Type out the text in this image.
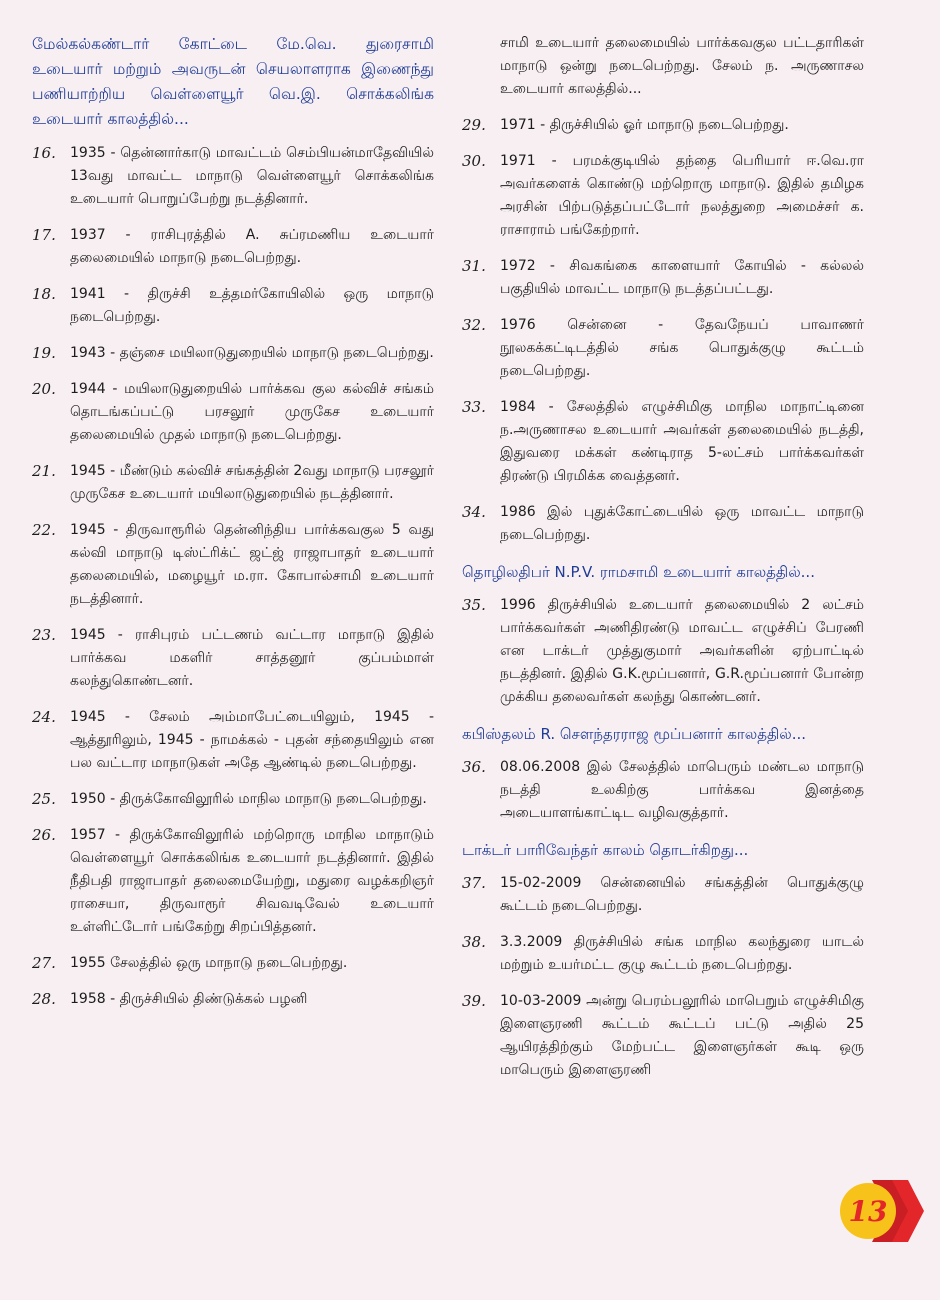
மேல்கல்கண்டார் கோட்டை மே.வெ. துரைசாமி உடையார் மற்றும் அவருடன் செயலாளராக இணைந்து பணியாற்றிய வெள்ளையூர் வெ.இ. சொக்கலிங்க உடையார் காலத்தில்...

16.	1935 - தென்னார்காடு மாவட்டம் செம்பியன்மாதேவியில் 13வது மாவட்ட மாநாடு வெள்ளையூர் சொக்கலிங்க உடையார் பொறுப்பேற்று நடத்தினார்.
17.	1937 - ராசிபுரத்தில் A. சுப்ரமணிய உடையார் தலைமையில் மாநாடு நடைபெற்றது.
18.	1941 - திருச்சி உத்தமர்கோயிலில் ஒரு மாநாடு நடைபெற்றது.
19.	1943 - தஞ்சை மயிலாடுதுறையில் மாநாடு நடைபெற்றது.
20.	1944 - மயிலாடுதுறையில் பார்க்கவ குல கல்விச் சங்கம் தொடங்கப்பட்டு பரசலூர் முருகேச உடையார் தலைமையில் முதல் மாநாடு நடைபெற்றது.
21.	1945 - மீண்டும் கல்விச் சங்கத்தின் 2வது மாநாடு பரசலூர் முருகேச உடையார் மயிலாடுதுறையில் நடத்தினார்.
22.	1945 - திருவாரூரில் தென்னிந்திய பார்க்கவகுல 5 வது கல்வி மாநாடு டிஸ்ட்ரிக்ட் ஜட்ஜ் ராஜாபாதர் உடையார் தலைமையில், மழையூர் ம.ரா. கோபால்சாமி உடையார் நடத்தினார்.
23.	1945 - ராசிபுரம் பட்டணம் வட்டார மாநாடு இதில் பார்க்கவ மகளிர் சாத்தனூர் குப்பம்மாள் கலந்துகொண்டனர்.
24.	1945 - சேலம் அம்மாபேட்டையிலும், 1945 - ஆத்தூரிலும், 1945 - நாமக்கல் - புதன் சந்தையிலும் என பல வட்டார மாநாடுகள் அதே ஆண்டில் நடைபெற்றது.
25.	1950 - திருக்கோவிலூரில் மாநில மாநாடு நடைபெற்றது.
26.	1957 - திருக்கோவிலூரில் மற்றொரு மாநில மாநாடும் வெள்ளையூர் சொக்கலிங்க உடையார் நடத்தினார். இதில் நீதிபதி ராஜாபாதர் தலைமையேற்று, மதுரை வழக்கறிஞர் ராசையா, திருவாரூர் சிவவடிவேல் உடையார் உள்ளிட்டோர் பங்கேற்று சிறப்பித்தனர்.
27.	1955 சேலத்தில் ஒரு மாநாடு நடைபெற்றது.
28.	1958 - திருச்சியில் திண்டுக்கல் பழனி
சாமி உடையார் தலைமையில் பார்க்கவகுல பட்டதாரிகள் மாநாடு ஒன்று நடைபெற்றது. சேலம் ந. அருணாசல உடையார் காலத்தில்...
29.	1971 - திருச்சியில் ஓர் மாநாடு நடைபெற்றது.
30.	1971 - பரமக்குடியில் தந்தை பெரியார் ஈ.வெ.ரா அவர்களைக் கொண்டு மற்றொரு மாநாடு. இதில் தமிழக அரசின் பிற்படுத்தப்பட்டோர் நலத்துறை அமைச்சர் க. ராசாராம் பங்கேற்றார்.
31.	1972 - சிவகங்கை காளையார் கோயில் - கல்லல் பகுதியில் மாவட்ட மாநாடு நடத்தப்பட்டது.
32.	1976 சென்னை - தேவநேயப் பாவாணர் நூலகக்கட்டிடத்தில் சங்க பொதுக்குழு கூட்டம் நடைபெற்றது.
33.	1984 - சேலத்தில் எழுச்சிமிகு மாநில மாநாட்டினை ந.அருணாசல உடையார் அவர்கள் தலைமையில் நடத்தி, இதுவரை மக்கள் கண்டிராத 5-லட்சம் பார்க்கவர்கள் திரண்டு பிரமிக்க வைத்தனர்.
34.	1986 இல் புதுக்கோட்டையில் ஒரு மாவட்ட மாநாடு நடைபெற்றது.

தொழிலதிபர் N.P.V. ராமசாமி உடையார் காலத்தில்...

35.	1996 திருச்சியில் உடையார் தலைமையில் 2 லட்சம் பார்க்கவர்கள் அணிதிரண்டு மாவட்ட எழுச்சிப் பேரணி என டாக்டர் முத்துகுமார் அவர்களின் ஏற்பாட்டில் நடத்தினர். இதில் G.K.மூப்பனார், G.R.மூப்பனார் போன்ற முக்கிய தலைவர்கள் கலந்து கொண்டனர்.

கபிஸ்தலம் R. சௌந்தரராஜ மூப்பனார் காலத்தில்...

36.	08.06.2008 இல் சேலத்தில் மாபெரும் மண்டல மாநாடு நடத்தி உலகிற்கு பார்க்கவ இனத்தை அடையாளங்காட்டிட வழிவகுத்தார்.

டாக்டர் பாரிவேந்தர் காலம் தொடர்கிறது...

37.	15-02-2009 சென்னையில் சங்கத்தின் பொதுக்குழு கூட்டம் நடைபெற்றது.
38.	3.3.2009 திருச்சியில் சங்க மாநில கலந்துரை யாடல் மற்றும் உயர்மட்ட குழு கூட்டம் நடைபெற்றது.
39.	10-03-2009 அன்று பெரம்பலூரில் மாபெறும் எழுச்சிமிகு இளைஞரணி கூட்டம் கூட்டப் பட்டு அதில் 25 ஆயிரத்திற்கும் மேற்பட்ட இளைஞர்கள் கூடி ஒரு மாபெரும் இளைஞரணி
13
